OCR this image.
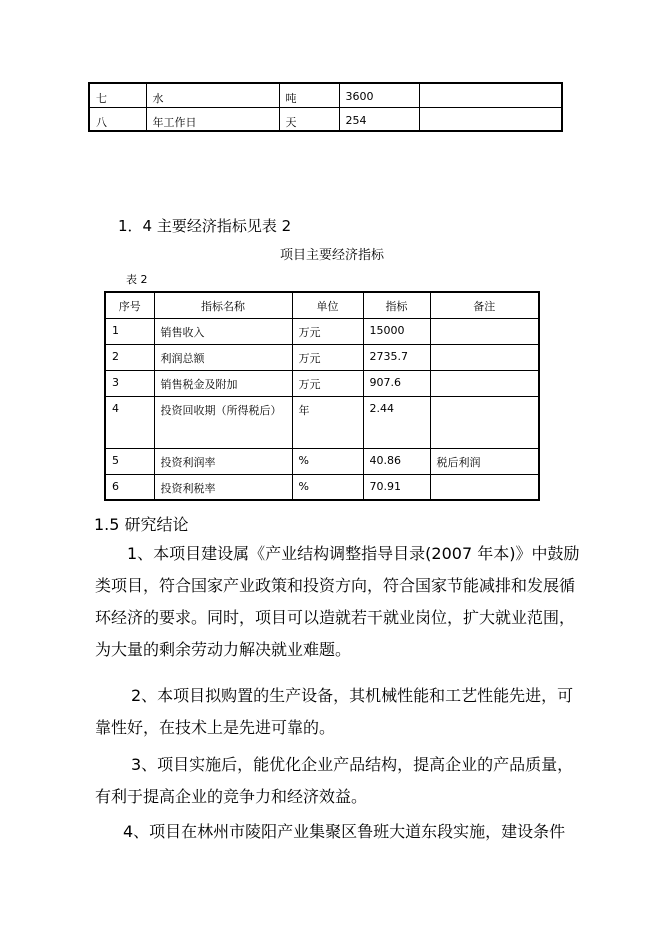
七	水	吨	3600	
八	年工作日	天	254	
1．4 主要经济指标见表 2
项目主要经济指标
表 2
序号	指标名称	单位	指标	备注
1	销售收入	万元	15000	
2	利润总额	万元	2735.7	
3	销售税金及附加	万元	907.6	
4	投资回收期（所得税后）	年	2.44	
5	投资利润率	%	40.86	税后利润
6	投资利税率	%	70.91	
1.5 研究结论
1、本项目建设属《产业结构调整指导目录(2007 年本)》中鼓励
类项目，符合国家产业政策和投资方向，符合国家节能减排和发展循
环经济的要求。同时，项目可以造就若干就业岗位，扩大就业范围，
为大量的剩余劳动力解决就业难题。
2、本项目拟购置的生产设备，其机械性能和工艺性能先进，可
靠性好，在技术上是先进可靠的。
3、项目实施后，能优化企业产品结构，提高企业的产品质量，
有利于提高企业的竞争力和经济效益。
4、项目在林州市陵阳产业集聚区鲁班大道东段实施，建设条件
